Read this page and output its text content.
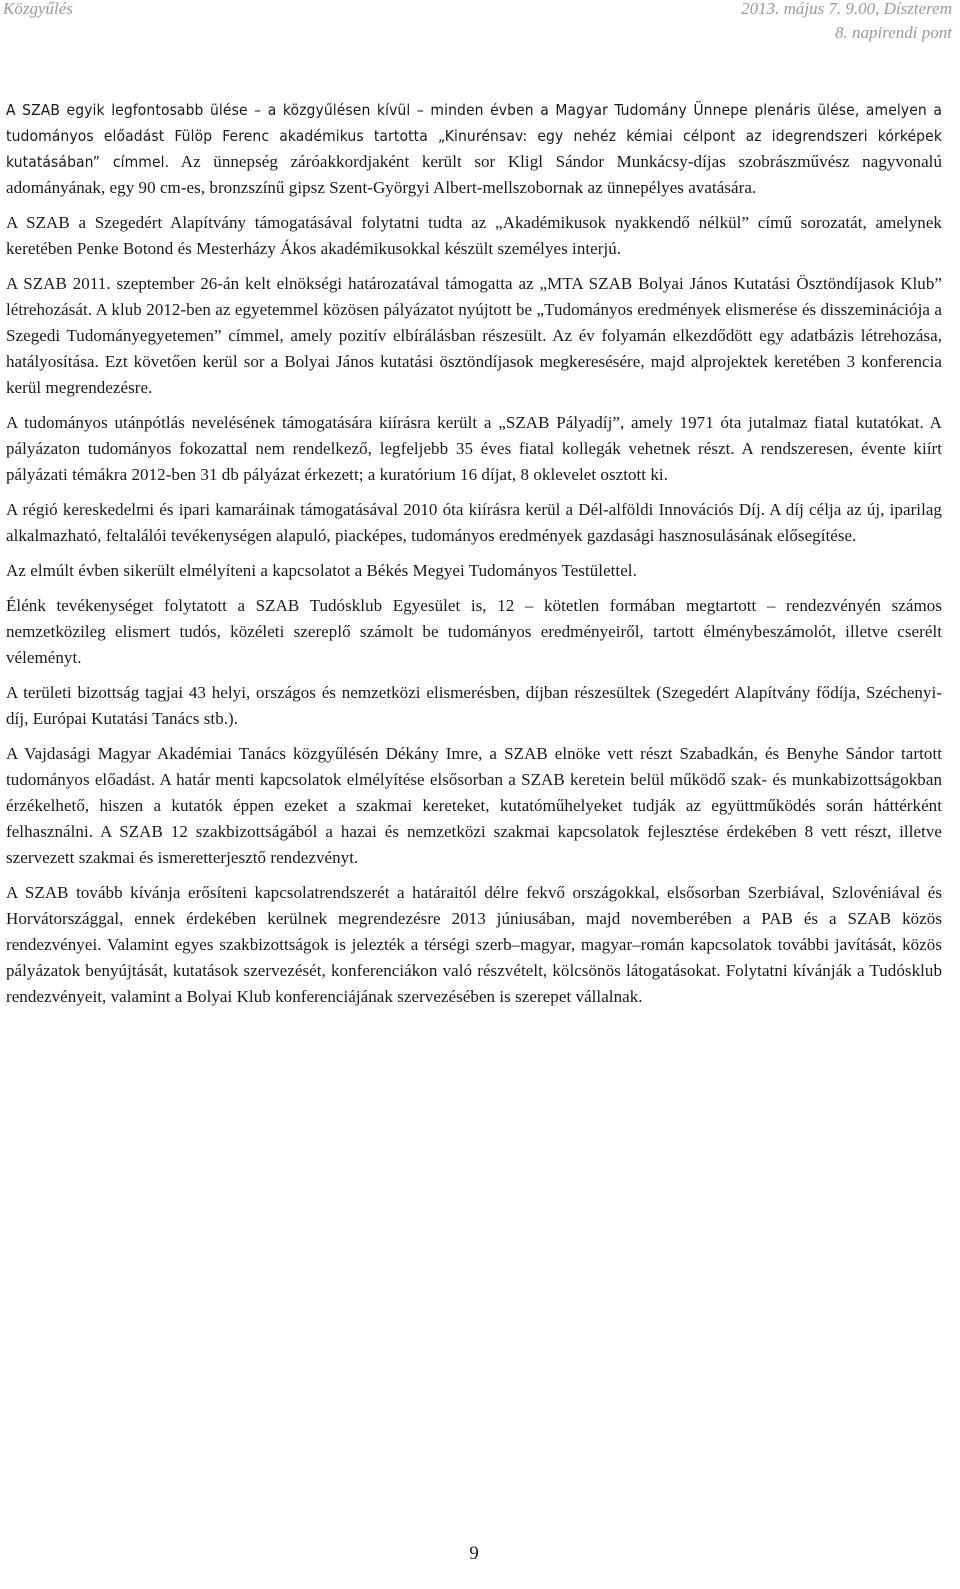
Közgyűlés	2013. május 7. 9.00, Díszterem
8. napirendi pont

A SZAB egyik legfontosabb ülése – a közgyűlésen kívül – minden évben a Magyar Tudomány Ünnepe plenáris ülése, amelyen a tudományos előadást Fülöp Ferenc akadémikus tartotta „Kinurénsav: egy nehéz kémiai célpont az idegrendszeri kórképek kutatásában” címmel. Az ünnepség záróakkordjaként került sor Kligl Sándor Munkácsy-díjas szobrászművész nagyvonalú adományának, egy 90 cm-es, bronzszínű gipsz Szent-Györgyi Albert-mellszobornak az ünnepélyes avatására.

A SZAB a Szegedért Alapítvány támogatásával folytatni tudta az „Akadémikusok nyakkendő nélkül” című sorozatát, amelynek keretében Penke Botond és Mesterházy Ákos akadémikusokkal készült személyes interjú.

A SZAB 2011. szeptember 26-án kelt elnökségi határozatával támogatta az „MTA SZAB Bolyai János Kutatási Ösztöndíjasok Klub” létrehozását. A klub 2012-ben az egyetemmel közösen pályázatot nyújtott be „Tudományos eredmények elismerése és disszeminációja a Szegedi Tudományegyetemen” címmel, amely pozitív elbírálásban részesült. Az év folyamán elkezdődött egy adatbázis létrehozása, hatályosítása. Ezt követően kerül sor a Bolyai János kutatási ösztöndíjasok megkeresésére, majd alprojektek keretében 3 konferencia kerül megrendezésre.

A tudományos utánpótlás nevelésének támogatására kiírásra került a „SZAB Pályadíj”, amely 1971 óta jutalmaz fiatal kutatókat. A pályázaton tudományos fokozattal nem rendelkező, legfeljebb 35 éves fiatal kollegák vehetnek részt. A rendszeresen, évente kiírt pályázati témákra 2012-ben 31 db pályázat érkezett; a kuratórium 16 díjat, 8 oklevelet osztott ki.

A régió kereskedelmi és ipari kamaráinak támogatásával 2010 óta kiírásra kerül a Dél-alföldi Innovációs Díj. A díj célja az új, iparilag alkalmazható, feltalálói tevékenységen alapuló, piacképes, tudományos eredmények gazdasági hasznosulásának elősegítése.

Az elmúlt évben sikerült elmélyíteni a kapcsolatot a Békés Megyei Tudományos Testülettel.

Élénk tevékenységet folytatott a SZAB Tudósklub Egyesület is, 12 – kötetlen formában megtartott – rendezvényén számos nemzetközileg elismert tudós, közéleti szereplő számolt be tudományos eredményeiről, tartott élménybeszámolót, illetve cserélt véleményt.

A területi bizottság tagjai 43 helyi, országos és nemzetközi elismerésben, díjban részesültek (Szegedért Alapítvány fődíja, Széchenyi-díj, Európai Kutatási Tanács stb.).

A Vajdasági Magyar Akadémiai Tanács közgyűlésén Dékány Imre, a SZAB elnöke vett részt Szabadkán, és Benyhe Sándor tartott tudományos előadást. A határ menti kapcsolatok elmélyítése elsősorban a SZAB keretein belül működő szak- és munkabizottságokban érzékelhető, hiszen a kutatók éppen ezeket a szakmai kereteket, kutatóműhelyeket tudják az együttműködés során háttérként felhasználni. A SZAB 12 szakbizottságából a hazai és nemzetközi szakmai kapcsolatok fejlesztése érdekében 8 vett részt, illetve szervezett szakmai és ismeretterjesztő rendezvényt.

A SZAB tovább kívánja erősíteni kapcsolatrendszerét a határaitól délre fekvő országokkal, elsősorban Szerbiával, Szlovéniával és Horvátországgal, ennek érdekében kerülnek megrendezésre 2013 júniusában, majd novemberében a PAB és a SZAB közös rendezvényei. Valamint egyes szakbizottságok is jelezték a térségi szerb–magyar, magyar–román kapcsolatok további javítását, közös pályázatok benyújtását, kutatások szervezését, konferenciákon való részvételt, kölcsönös látogatásokat. Folytatni kívánják a Tudósklub rendezvényeit, valamint a Bolyai Klub konferenciájának szervezésében is szerepet vállalnak.

9
